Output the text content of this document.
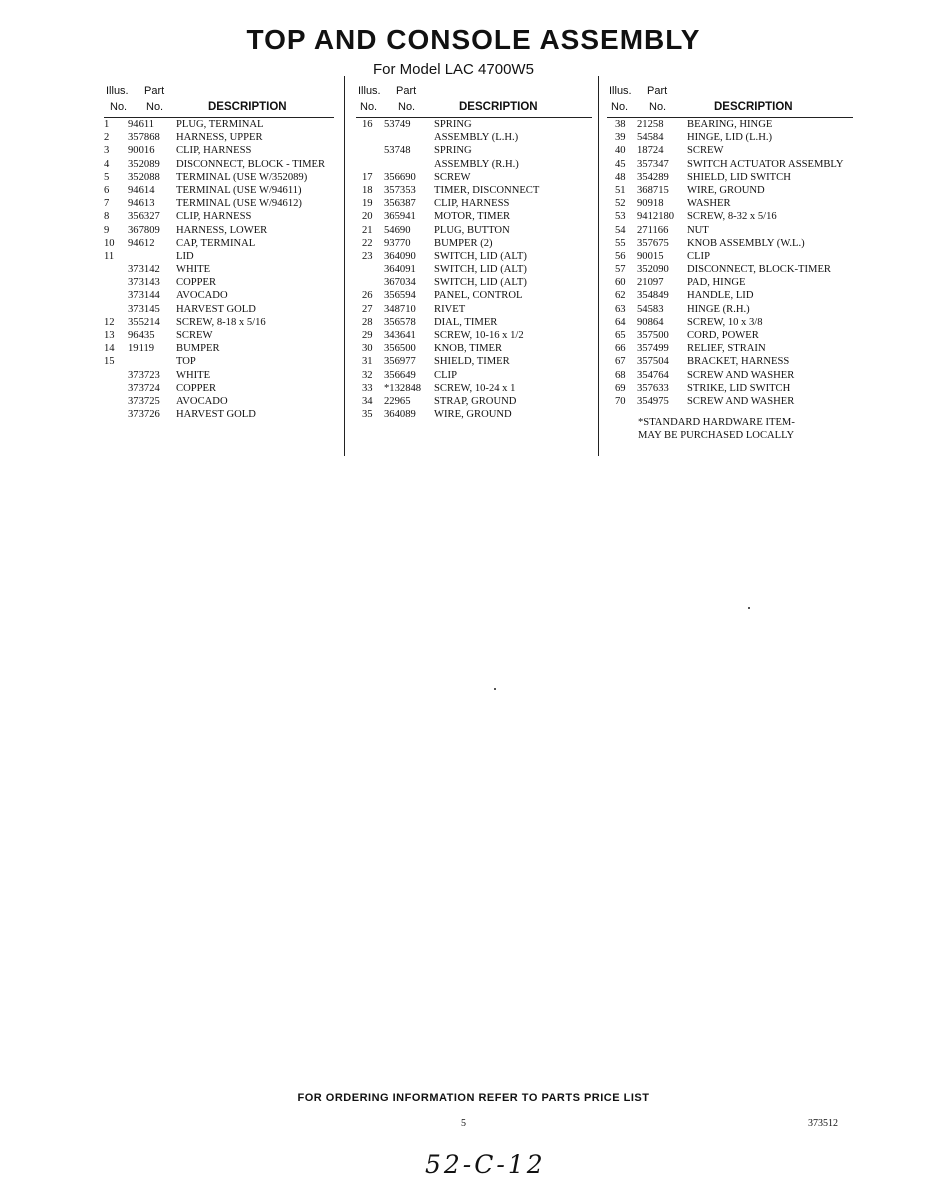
TOP AND CONSOLE ASSEMBLY
For Model LAC 4700W5
Illus. Part
No. No.	DESCRIPTION
1 94611 PLUG, TERMINAL
2 357868 HARNESS, UPPER
3 90016 CLIP, HARNESS
4 352089 DISCONNECT, BLOCK - TIMER
5 352088 TERMINAL (USE W/352089)
6 94614 TERMINAL (USE W/94611)
7 94613 TERMINAL (USE W/94612)
8 356327 CLIP, HARNESS
9 367809 HARNESS, LOWER
10 94612 CAP, TERMINAL
11	LID
373142 WHITE
373143 COPPER
373144 AVOCADO
373145 HARVEST GOLD
12 355214 SCREW, 8-18 x 5/16
13 96435 SCREW
14 19119 BUMPER
15	TOP
373723 WHITE
373724 COPPER
373725 AVOCADO
373726 HARVEST GOLD
Illus. Part
No. No.	DESCRIPTION
16 53749 SPRING
ASSEMBLY (L.H.)
53748 SPRING
ASSEMBLY (R.H.)
17 356690 SCREW
18 357353 TIMER, DISCONNECT
19 356387 CLIP, HARNESS
20 365941 MOTOR, TIMER
21 54690 PLUG, BUTTON
22 93770 BUMPER (2)
23 364090 SWITCH, LID (ALT)
364091 SWITCH, LID (ALT)
367034 SWITCH, LID (ALT)
26 356594 PANEL, CONTROL
27 348710 RIVET
28 356578 DIAL, TIMER
29 343641 SCREW, 10-16 x 1/2
30 356500 KNOB, TIMER
31 356977 SHIELD, TIMER
32 356649 CLIP
33 *132848 SCREW, 10-24 x 1
34 22965 STRAP, GROUND
35 364089 WIRE, GROUND
Illus. Part
No. No.	DESCRIPTION
38 21258 BEARING, HINGE
39 54584 HINGE, LID (L.H.)
40 18724 SCREW
45 357347 SWITCH ACTUATOR ASSEMBLY
48 354289 SHIELD, LID SWITCH
51 368715 WIRE, GROUND
52 90918 WASHER
53 9412180 SCREW, 8-32 x 5/16
54 271166 NUT
55 357675 KNOB ASSEMBLY (W.L.)
56 90015 CLIP
57 352090 DISCONNECT, BLOCK-TIMER
60 21097 PAD, HINGE
62 354849 HANDLE, LID
63 54583 HINGE (R.H.)
64 90864 SCREW, 10 x 3/8
65 357500 CORD, POWER
66 357499 RELIEF, STRAIN
67 357504 BRACKET, HARNESS
68 354764 SCREW AND WASHER
69 357633 STRIKE, LID SWITCH
70 354975 SCREW AND WASHER
*STANDARD HARDWARE ITEM-
MAY BE PURCHASED LOCALLY
FOR ORDERING INFORMATION REFER TO PARTS PRICE LIST
5	373512
52-C-12
